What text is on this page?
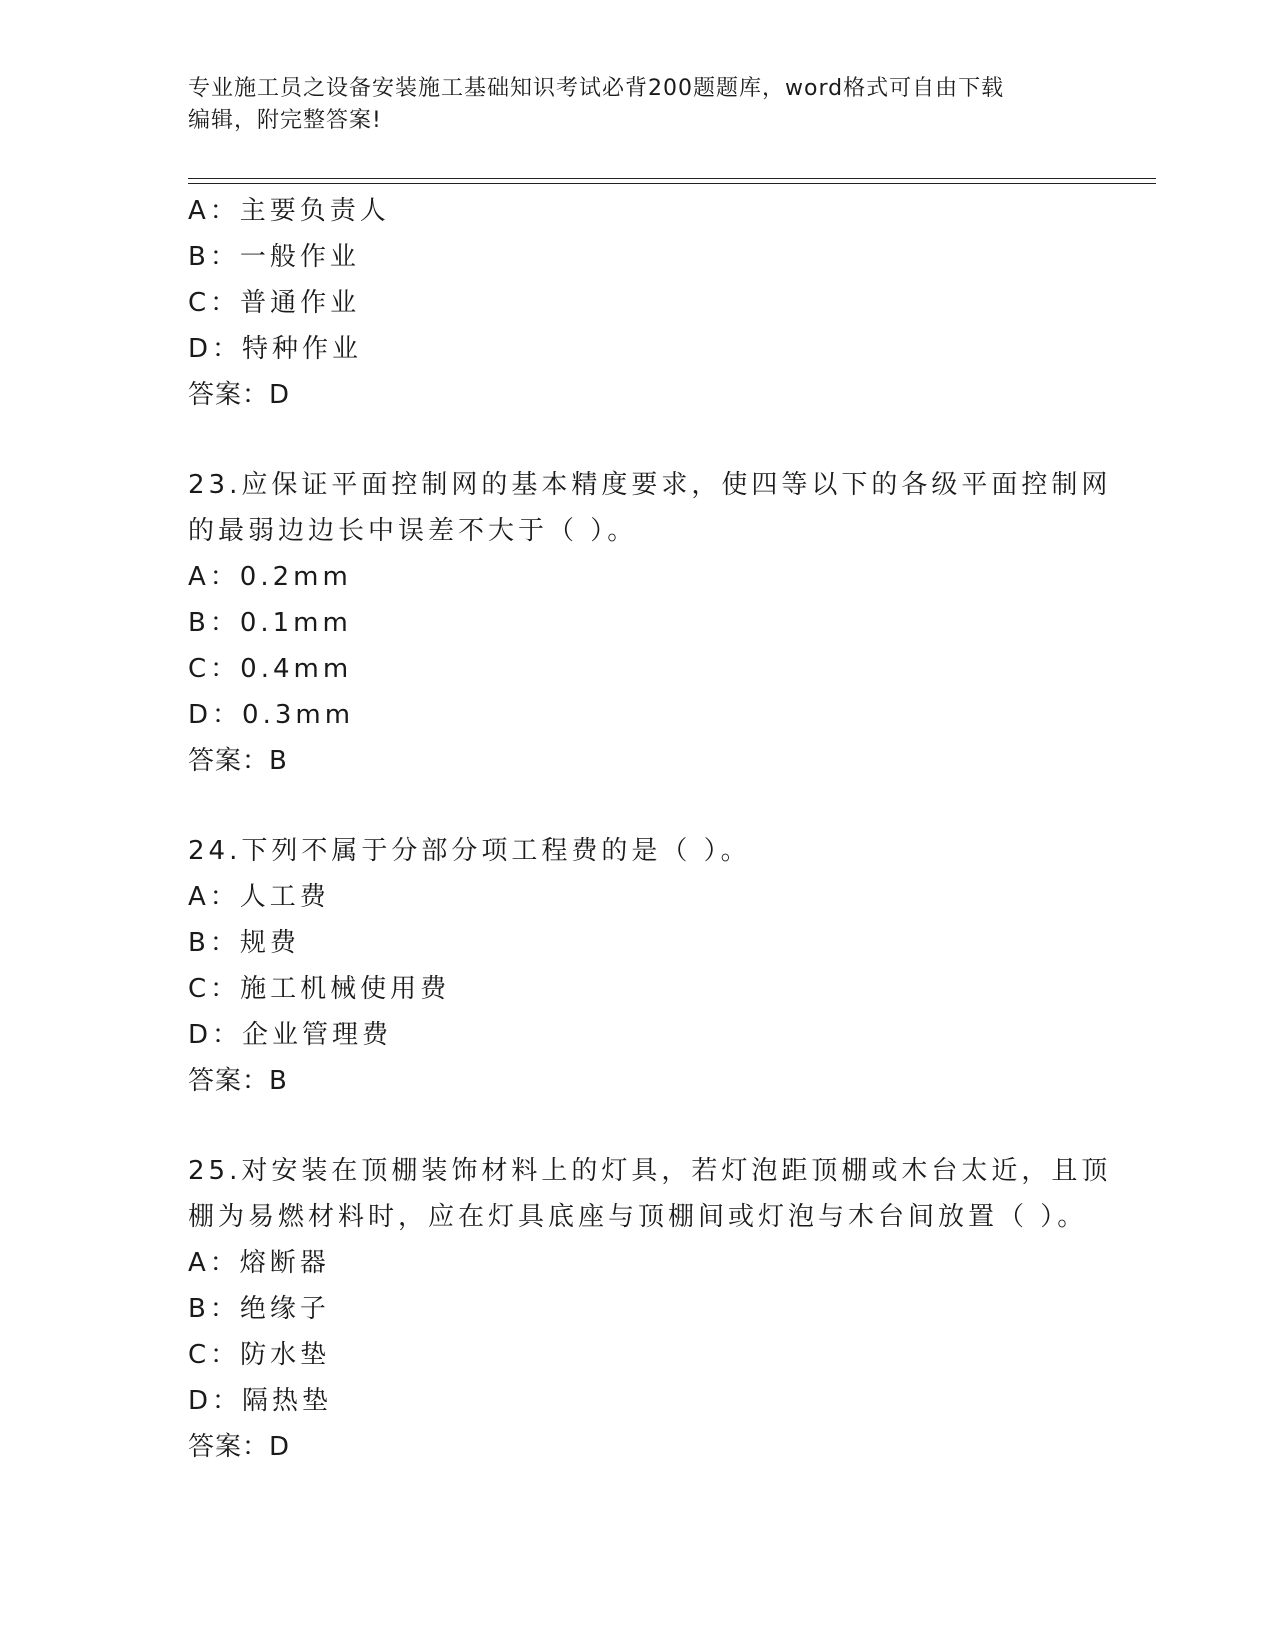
专业施工员之设备安装施工基础知识考试必背200题题库，word格式可自由下载
编辑，附完整答案!
A：主要负责人
B：一般作业
C：普通作业
D：特种作业
答案：D
23.应保证平面控制网的基本精度要求，使四等以下的各级平面控制网
的最弱边边长中误差不大于（ ）。
A：0.2mm
B：0.1mm
C：0.4mm
D：0.3mm
答案：B
24.下列不属于分部分项工程费的是（ ）。
A：人工费
B：规费
C：施工机械使用费
D：企业管理费
答案：B
25.对安装在顶棚装饰材料上的灯具，若灯泡距顶棚或木台太近，且顶
棚为易燃材料时，应在灯具底座与顶棚间或灯泡与木台间放置（ ）。
A：熔断器
B：绝缘子
C：防水垫
D：隔热垫
答案：D
